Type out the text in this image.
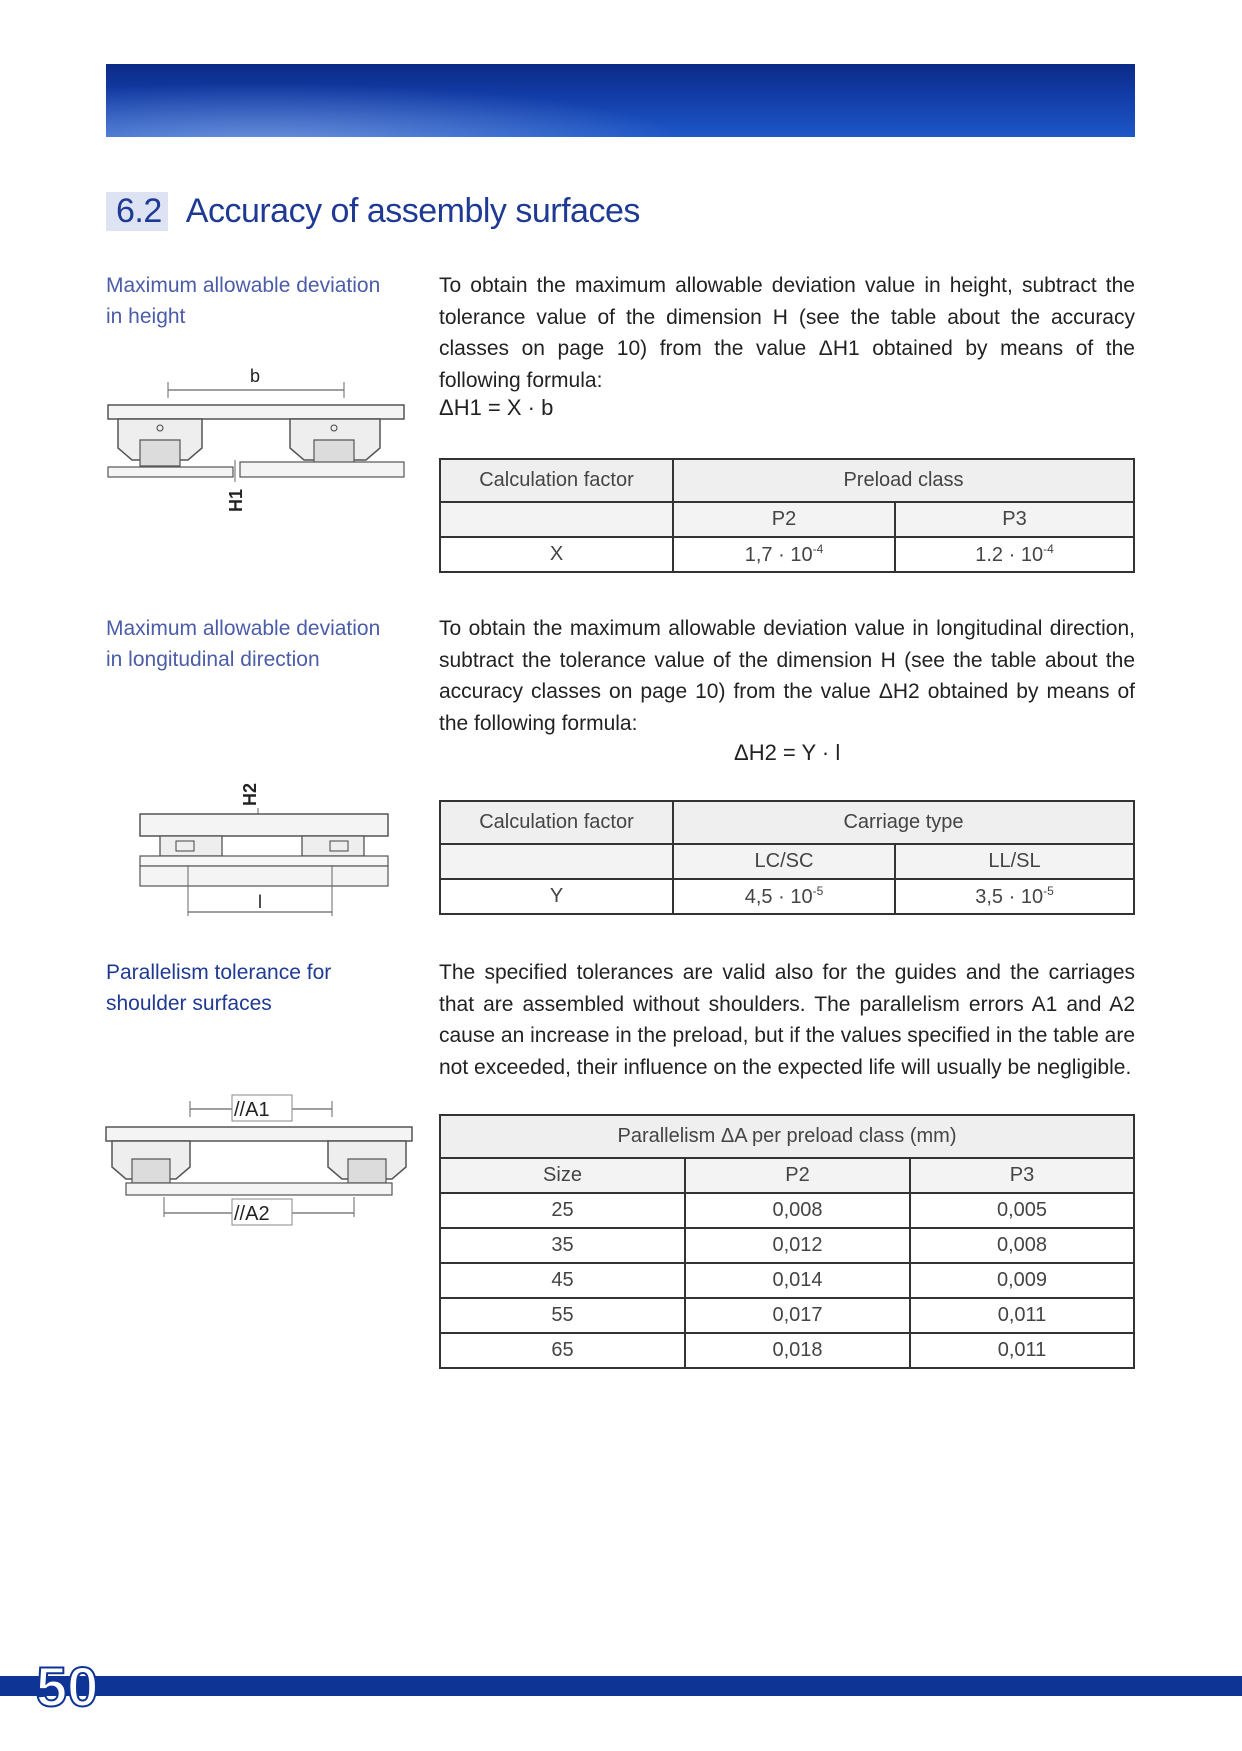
6.2 Accuracy of assembly surfaces
Maximum allowable deviation
in height
b
H1
To obtain the maximum allowable deviation value in height, subtract the tolerance value of the dimension H (see the table about the accuracy classes on page 10) from the value ΔH1 obtained by means of the following formula:
ΔH1 = X · b
Calculation factor	Preload class	
	P2	P3
X	$1,7 \cdot 10^{-4}$	$1.2 \cdot 10^{-4}$
Maximum allowable deviation
in longitudinal direction
H2
l
To obtain the maximum allowable deviation value in longitudinal direction, subtract the tolerance value of the dimension H (see the table about the accuracy classes on page 10) from the value ΔH2 obtained by means of the following formula:
ΔH2 = Y · l
Calculation factor	Carriage type	
	LC/SC	LL/SL
Y	$4,5 \cdot 10^{-5}$	$3,5 \cdot 10^{-5}$
Parallelism tolerance for
shoulder surfaces
//A1
//A2
The specified tolerances are valid also for the guides and the carriages that are assembled without shoulders. The parallelism errors A1 and A2 cause an increase in the preload, but if the values specified in the table are not exceeded, their influence on the expected life will usually be negligible.
Parallelism ΔA per preload class (mm)		
Size	P2	P3
25	0,008	0,005
35	0,012	0,008
45	0,014	0,009
55	0,017	0,011
65	0,018	0,011
50
